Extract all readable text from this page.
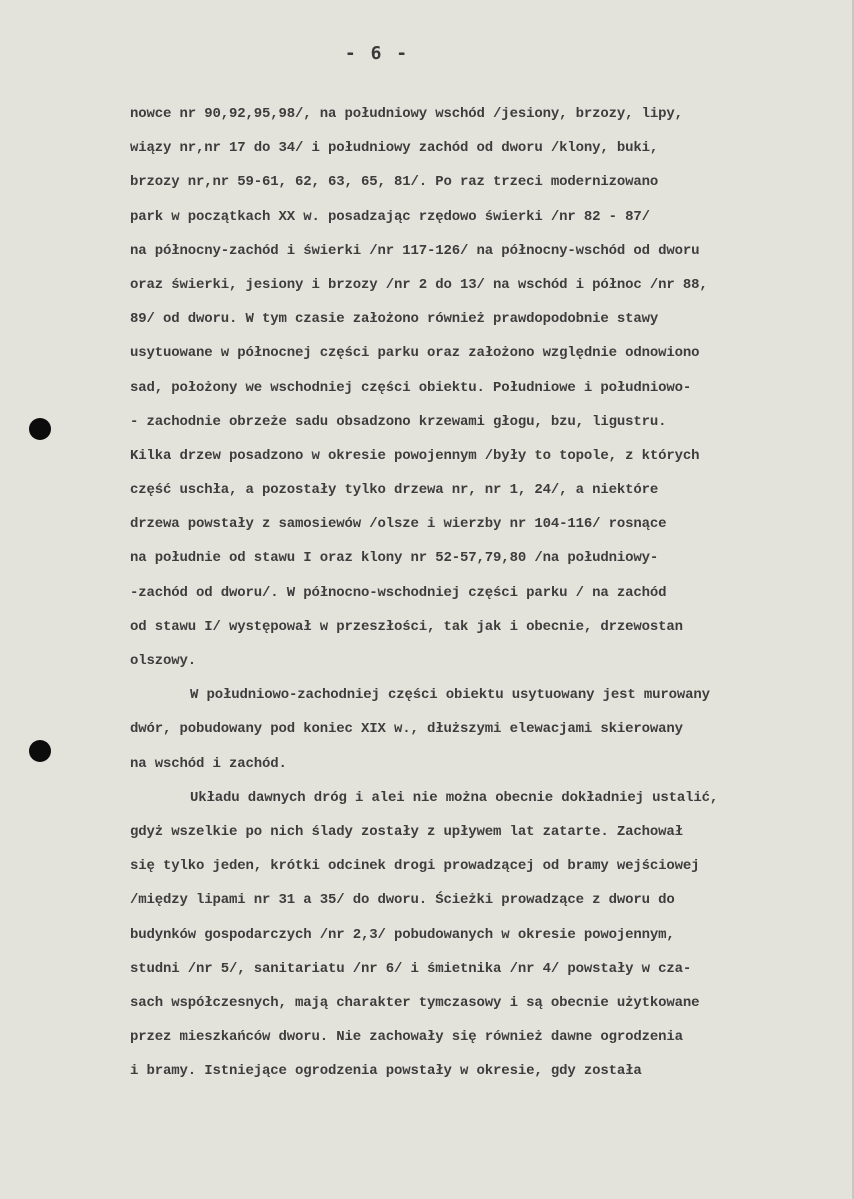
- 6 -

nowce nr 90,92,95,98/, na południowy wschód /jesiony, brzozy, lipy,
wiązy nr,nr 17 do 34/ i południowy zachód od dworu /klony, buki,
brzozy nr,nr 59-61, 62, 63, 65, 81/. Po raz trzeci modernizowano
park w początkach XX w. posadzając rzędowo świerki /nr 82 - 87/
na północny-zachód i świerki /nr 117-126/ na północny-wschód od dworu
oraz świerki, jesiony i brzozy /nr 2 do 13/ na wschód i północ /nr 88,
89/ od dworu. W tym czasie założono również prawdopodobnie stawy
usytuowane w północnej części parku oraz założono względnie odnowiono
sad, położony we wschodniej części obiektu. Południowe i południowo-
- zachodnie obrzeże sadu obsadzono krzewami głogu, bzu, ligustru.
Kilka drzew posadzono w okresie powojennym /były to topole, z których
część uschła, a pozostały tylko drzewa nr, nr 1, 24/, a niektóre
drzewa powstały z samosiewów /olsze i wierzby nr 104-116/ rosnące
na południe od stawu I oraz klony nr 52-57,79,80 /na południowy-
-zachód od dworu/. W północno-wschodniej części parku / na zachód
od stawu I/ występował w przeszłości, tak jak i obecnie, drzewostan
olszowy.
W południowo-zachodniej części obiektu usytuowany jest murowany
dwór, pobudowany pod koniec XIX w., dłuższymi elewacjami skierowany
na wschód i zachód.
Układu dawnych dróg i alei nie można obecnie dokładniej ustalić,
gdyż wszelkie po nich ślady zostały z upływem lat zatarte. Zachował
się tylko jeden, krótki odcinek drogi prowadzącej od bramy wejściowej
/między lipami nr 31 a 35/ do dworu. Ścieżki prowadzące z dworu do
budynków gospodarczych /nr 2,3/ pobudowanych w okresie powojennym,
studni /nr 5/, sanitariatu /nr 6/ i śmietnika /nr 4/ powstały w cza-
sach współczesnych, mają charakter tymczasowy i są obecnie użytkowane
przez mieszkańców dworu. Nie zachowały się również dawne ogrodzenia
i bramy. Istniejące ogrodzenia powstały w okresie, gdy została
